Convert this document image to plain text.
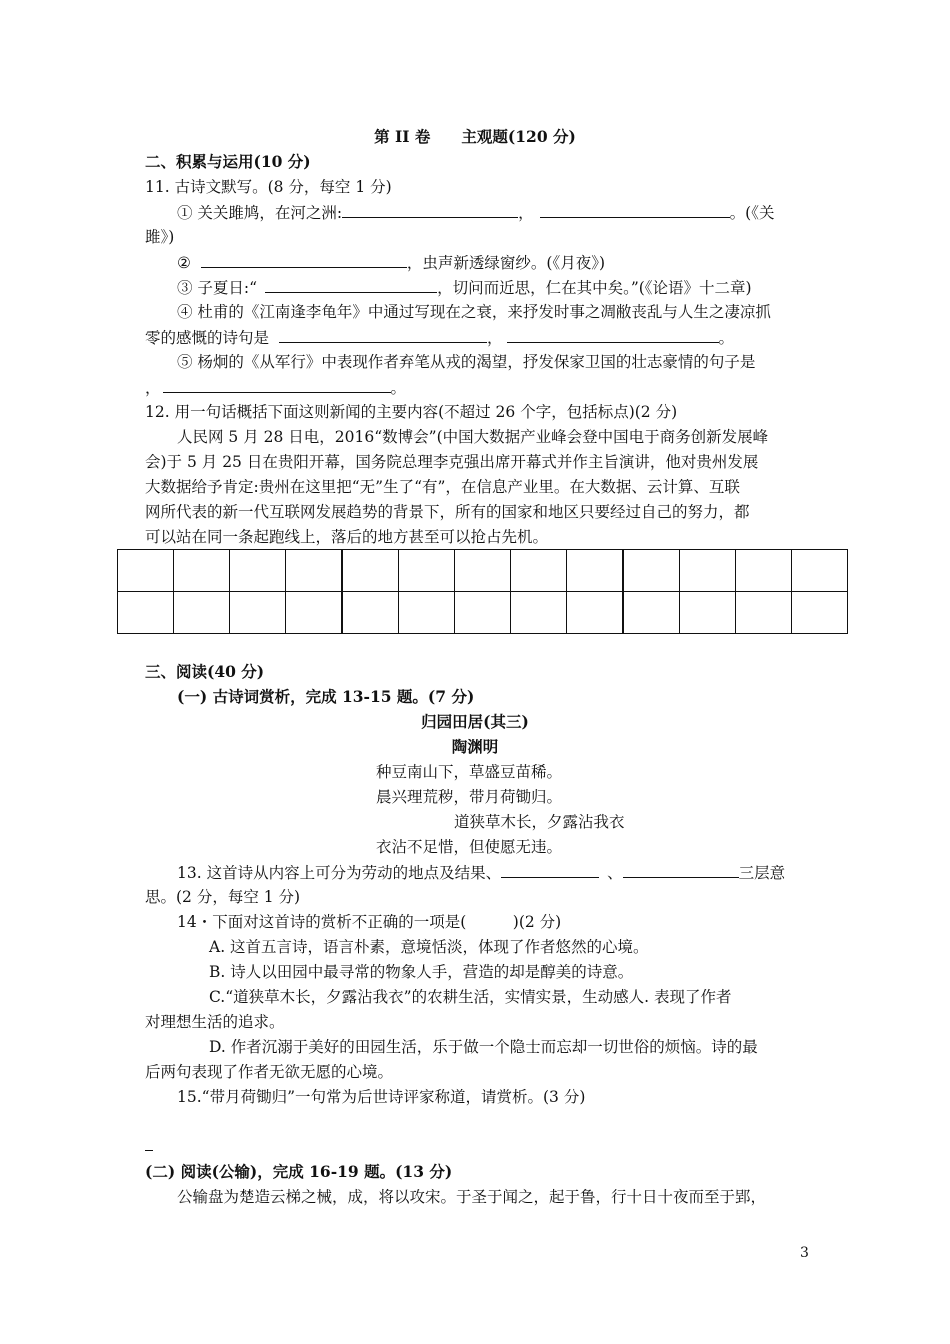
第 II 卷　　主观题(120 分)
二、积累与运用(10 分)
11. 古诗文默写。(8 分，每空 1 分)
① 关关雎鸠，在河之洲:	，	。(《关
雎》)
②	，虫声新透绿窗纱。(《月夜》)
③ 子夏日:“	，切问而近思，仁在其中矣。”(《论语》十二章)
④ 杜甫的《江南逢李龟年》中通过写现在之衰，来抒发时事之凋敝丧乱与人生之凄凉抓
零的感慨的诗句是	，	。
⑤ 杨炯的《从军行》中表现作者弃笔从戎的渴望，抒发保家卫国的壮志豪情的句子是
，	。
12. 用一句话概括下面这则新闻的主要内容(不超过 26 个字，包括标点)(2 分)
人民网 5 月 28 日电，2016“数博会”(中国大数据产业峰会登中国电于商务创新发展峰
会)于 5 月 25 日在贵阳开幕，国务院总理李克强出席开幕式并作主旨演讲，他对贵州发展
大数据给予肯定:贵州在这里把“无”生了“有”，在信息产业里。在大数据、云计算、互联
网所代表的新一代互联网发展趋势的背景下，所有的国家和地区只要经过自己的努力，都
可以站在同一条起跑线上，落后的地方甚至可以抢占先机。

三、阅读(40 分)
(一) 古诗词赏析，完成 13-15 题。(7 分)
归园田居(其三)
陶渊明
种豆南山下，草盛豆苗稀。
晨兴理荒秽，带月荷锄归。
道狭草木长，夕露沾我衣
衣沾不足惜，但使愿无违。
13. 这首诗从内容上可分为劳动的地点及结果、	、	三层意
思。(2 分，每空 1 分)
14・下面对这首诗的赏析不正确的一项是(　　　)(2 分)
A. 这首五言诗，语言朴素，意境恬淡，体现了作者悠然的心境。
B. 诗人以田园中最寻常的物象人手，营造的却是醇美的诗意。
C.“道狭草木长，夕露沾我衣”的农耕生活，实情实景，生动感人. 表现了作者
对理想生活的追求。
D. 作者沉溺于美好的田园生活，乐于做一个隐士而忘却一切世俗的烦恼。诗的最
后两句表现了作者无欲无愿的心境。
15.“带月荷锄归”一句常为后世诗评家称道，请赏析。(3 分)
(二) 阅读(公输)，完成 16-19 题。(13 分)
公输盘为楚造云梯之械，成，将以攻宋。于圣于闻之，起于鲁，行十日十夜而至于郢，
3
